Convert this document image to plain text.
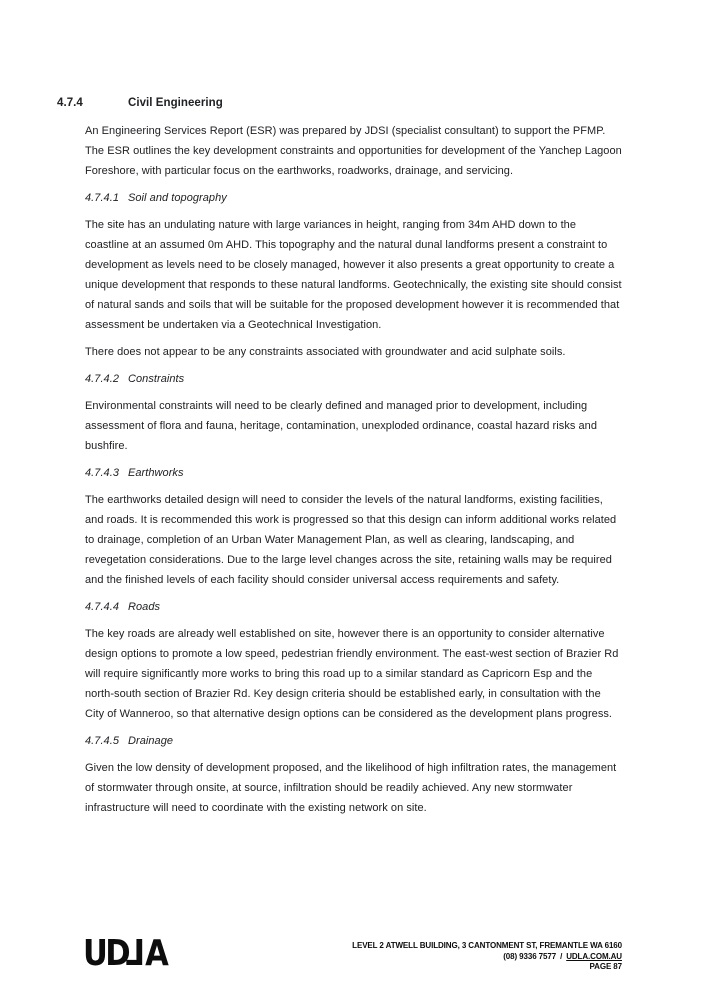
4.7.4	Civil Engineering

An Engineering Services Report (ESR) was prepared by JDSI (specialist consultant) to support the PFMP. The ESR outlines the key development constraints and opportunities for development of the Yanchep Lagoon Foreshore, with particular focus on the earthworks, roadworks, drainage, and servicing.

4.7.4.1 Soil and topography

The site has an undulating nature with large variances in height, ranging from 34m AHD down to the coastline at an assumed 0m AHD. This topography and the natural dunal landforms present a constraint to development as levels need to be closely managed, however it also presents a great opportunity to create a unique development that responds to these natural landforms. Geotechnically, the existing site should consist of natural sands and soils that will be suitable for the proposed development however it is recommended that assessment be undertaken via a Geotechnical Investigation.

There does not appear to be any constraints associated with groundwater and acid sulphate soils.

4.7.4.2 Constraints

Environmental constraints will need to be clearly defined and managed prior to development, including assessment of flora and fauna, heritage, contamination, unexploded ordinance, coastal hazard risks and bushfire.

4.7.4.3 Earthworks

The earthworks detailed design will need to consider the levels of the natural landforms, existing facilities, and roads. It is recommended this work is progressed so that this design can inform additional works related to drainage, completion of an Urban Water Management Plan, as well as clearing, landscaping, and revegetation considerations. Due to the large level changes across the site, retaining walls may be required and the finished levels of each facility should consider universal access requirements and safety.

4.7.4.4 Roads

The key roads are already well established on site, however there is an opportunity to consider alternative design options to promote a low speed, pedestrian friendly environment. The east-west section of Brazier Rd will require significantly more works to bring this road up to a similar standard as Capricorn Esp and the north-south section of Brazier Rd. Key design criteria should be established early, in consultation with the City of Wanneroo, so that alternative design options can be considered as the development plans progress.

4.7.4.5 Drainage

Given the low density of development proposed, and the likelihood of high infiltration rates, the management of stormwater through onsite, at source, infiltration should be readily achieved. Any new stormwater infrastructure will need to coordinate with the existing network on site.

UDLA	LEVEL 2 ATWELL BUILDING, 3 CANTONMENT ST, FREMANTLE WA 6160
(08) 9336 7577 / UDLA.COM.AU
PAGE 87
